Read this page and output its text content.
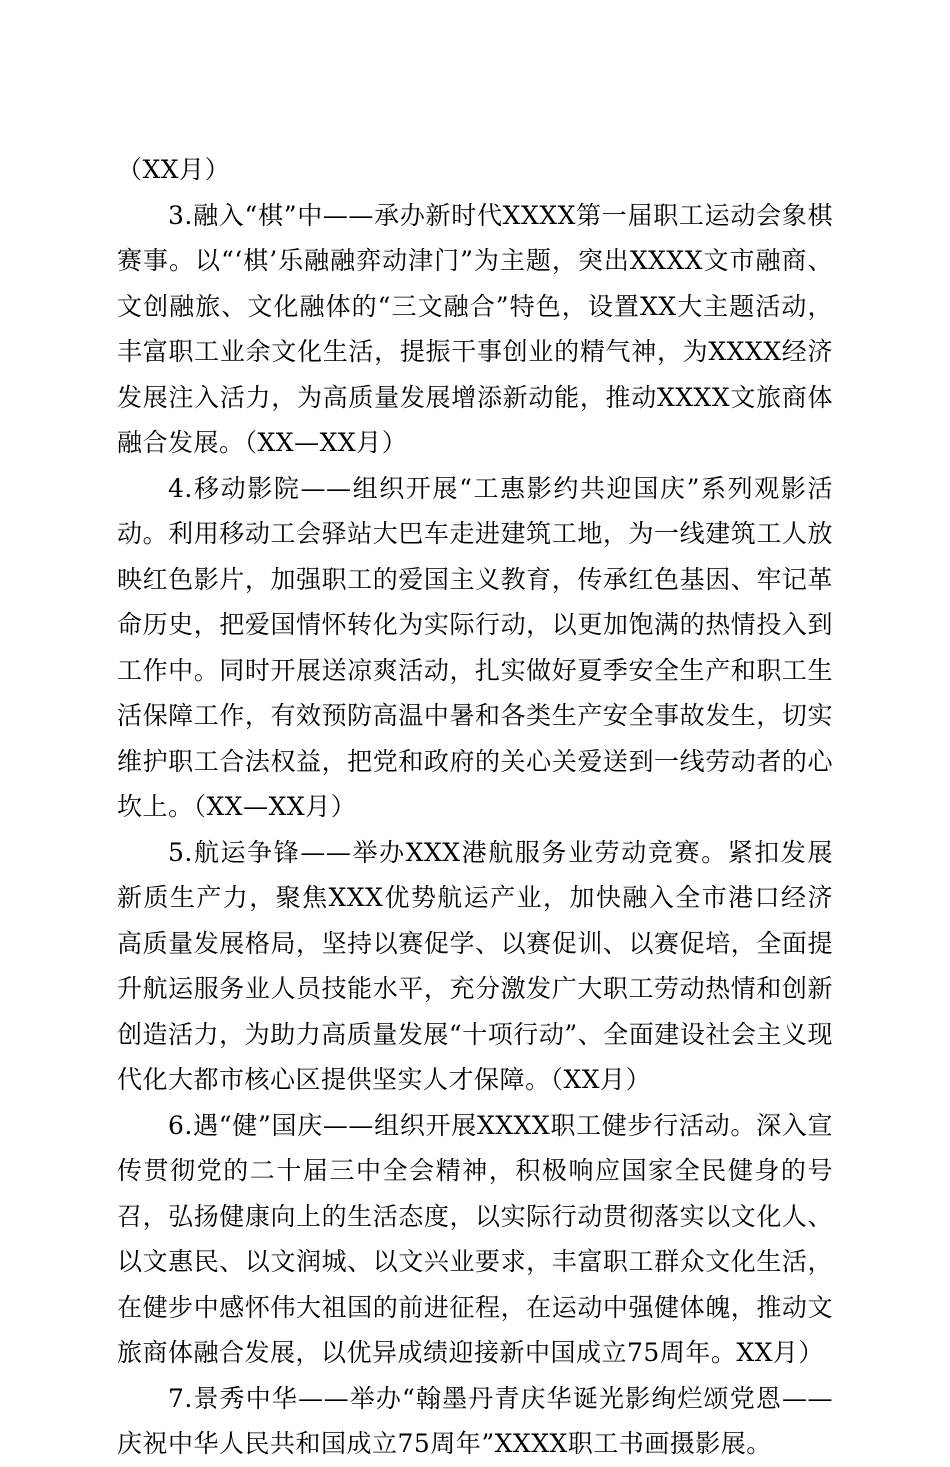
（XX月）

3.融入“棋”中——承办新时代XXXX第一届职工运动会象棋赛事。以“‘棋’乐融融弈动津门”为主题，突出XXXX文市融商、文创融旅、文化融体的“三文融合”特色，设置XX大主题活动，丰富职工业余文化生活，提振干事创业的精气神，为XXXX经济发展注入活力，为高质量发展增添新动能，推动XXXX文旅商体融合发展。（XX—XX月）

4.移动影院——组织开展“工惠影约共迎国庆”系列观影活动。利用移动工会驿站大巴车走进建筑工地，为一线建筑工人放映红色影片，加强职工的爱国主义教育，传承红色基因、牢记革命历史，把爱国情怀转化为实际行动，以更加饱满的热情投入到工作中。同时开展送凉爽活动，扎实做好夏季安全生产和职工生活保障工作，有效预防高温中暑和各类生产安全事故发生，切实维护职工合法权益，把党和政府的关心关爱送到一线劳动者的心坎上。（XX—XX月）

5.航运争锋——举办XXX港航服务业劳动竞赛。紧扣发展新质生产力，聚焦XXX优势航运产业，加快融入全市港口经济高质量发展格局，坚持以赛促学、以赛促训、以赛促培，全面提升航运服务业人员技能水平，充分激发广大职工劳动热情和创新创造活力，为助力高质量发展“十项行动”、全面建设社会主义现代化大都市核心区提供坚实人才保障。（XX月）

6.遇“健”国庆——组织开展XXXX职工健步行活动。深入宣传贯彻党的二十届三中全会精神，积极响应国家全民健身的号召，弘扬健康向上的生活态度，以实际行动贯彻落实以文化人、以文惠民、以文润城、以文兴业要求，丰富职工群众文化生活，在健步中感怀伟大祖国的前进征程，在运动中强健体魄，推动文旅商体融合发展，以优异成绩迎接新中国成立75周年。XX月）

7.景秀中华——举办“翰墨丹青庆华诞光影绚烂颂党恩——庆祝中华人民共和国成立75周年”XXXX职工书画摄影展。
